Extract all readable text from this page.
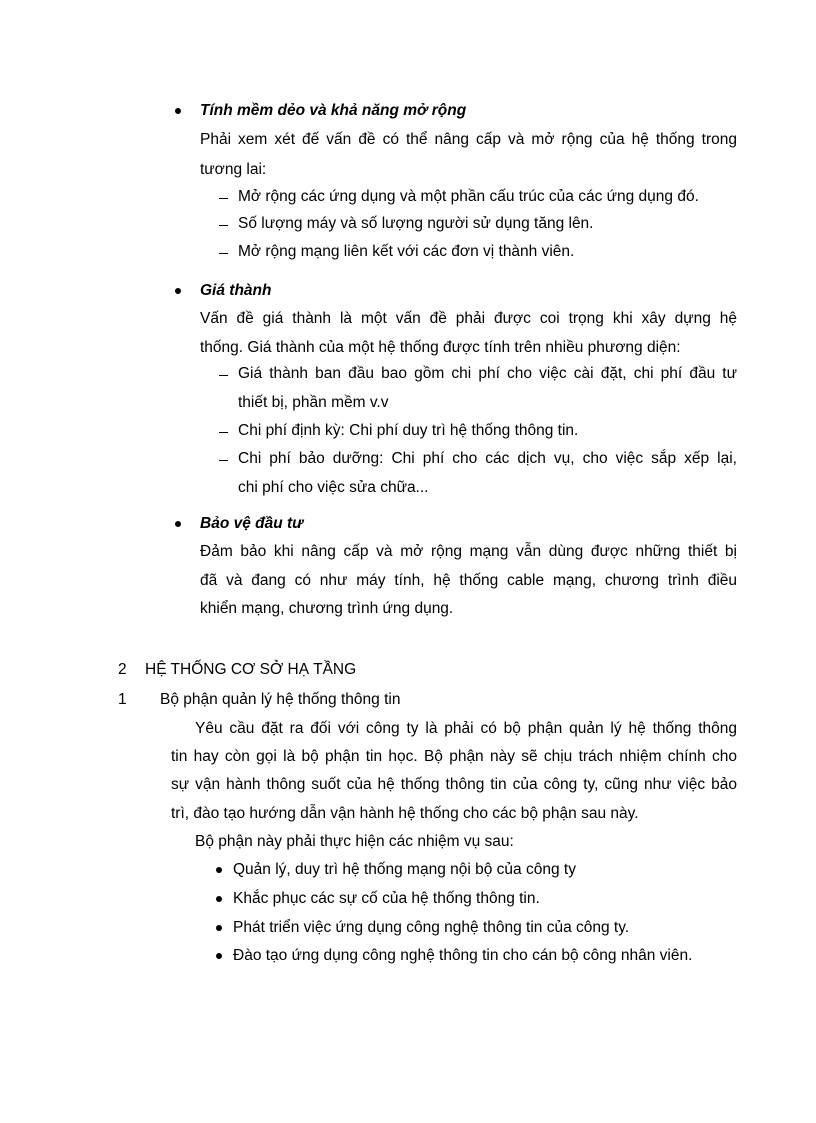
Tính mềm dẻo và khả năng mở rộng
Phải xem xét đế vấn đề có thể nâng cấp và mở rộng của hệ thống trong
tương lai:
Mở rộng các ứng dụng và một phần cấu trúc của các ứng dụng đó.
Số lượng máy và số lượng người sử dụng tăng lên.
Mở rộng mạng liên kết với các đơn vị thành viên.
Giá thành
Vấn đề giá thành là một vấn đề phải được coi trọng khi xây dựng hệ
thống. Giá thành của một hệ thống được tính trên nhiều phương diện:
Giá thành ban đầu bao gồm chi phí cho việc cài đặt, chi phí đầu tư
thiết bị, phần mềm v.v
Chi phí định kỳ: Chi phí duy trì hệ thống thông tin.
Chi phí bảo dưỡng: Chi phí cho các dịch vụ, cho việc sắp xếp lại,
chi phí cho việc sửa chữa...
Bảo vệ đầu tư
Đảm bảo khi nâng cấp và mở rộng mạng vẫn dùng được những thiết bị
đã và đang có như máy tính, hệ thống cable mạng, chương trình điều
khiển mạng, chương trình ứng dụng.
2 HỆ THỐNG CƠ SỞ HẠ TẦNG
1 Bộ phận quản lý hệ thống thông tin
Yêu cầu đặt ra đối với công ty là phải có bộ phận quản lý hệ thống thông
tin hay còn gọi là bộ phận tin học. Bộ phận này sẽ chịu trách nhiệm chính cho
sự vận hành thông suốt của hệ thống thông tin của công ty, cũng như việc bảo
trì, đào tạo hướng dẫn vận hành hệ thống cho các bộ phận sau này.
Bộ phận này phải thực hiện các nhiệm vụ sau:
Quản lý, duy trì hệ thống mạng nội bộ của công ty
Khắc phục các sự cố của hệ thống thông tin.
Phát triển việc ứng dụng công nghệ thông tin của công ty.
Đào tạo ứng dụng công nghệ thông tin cho cán bộ công nhân viên.
